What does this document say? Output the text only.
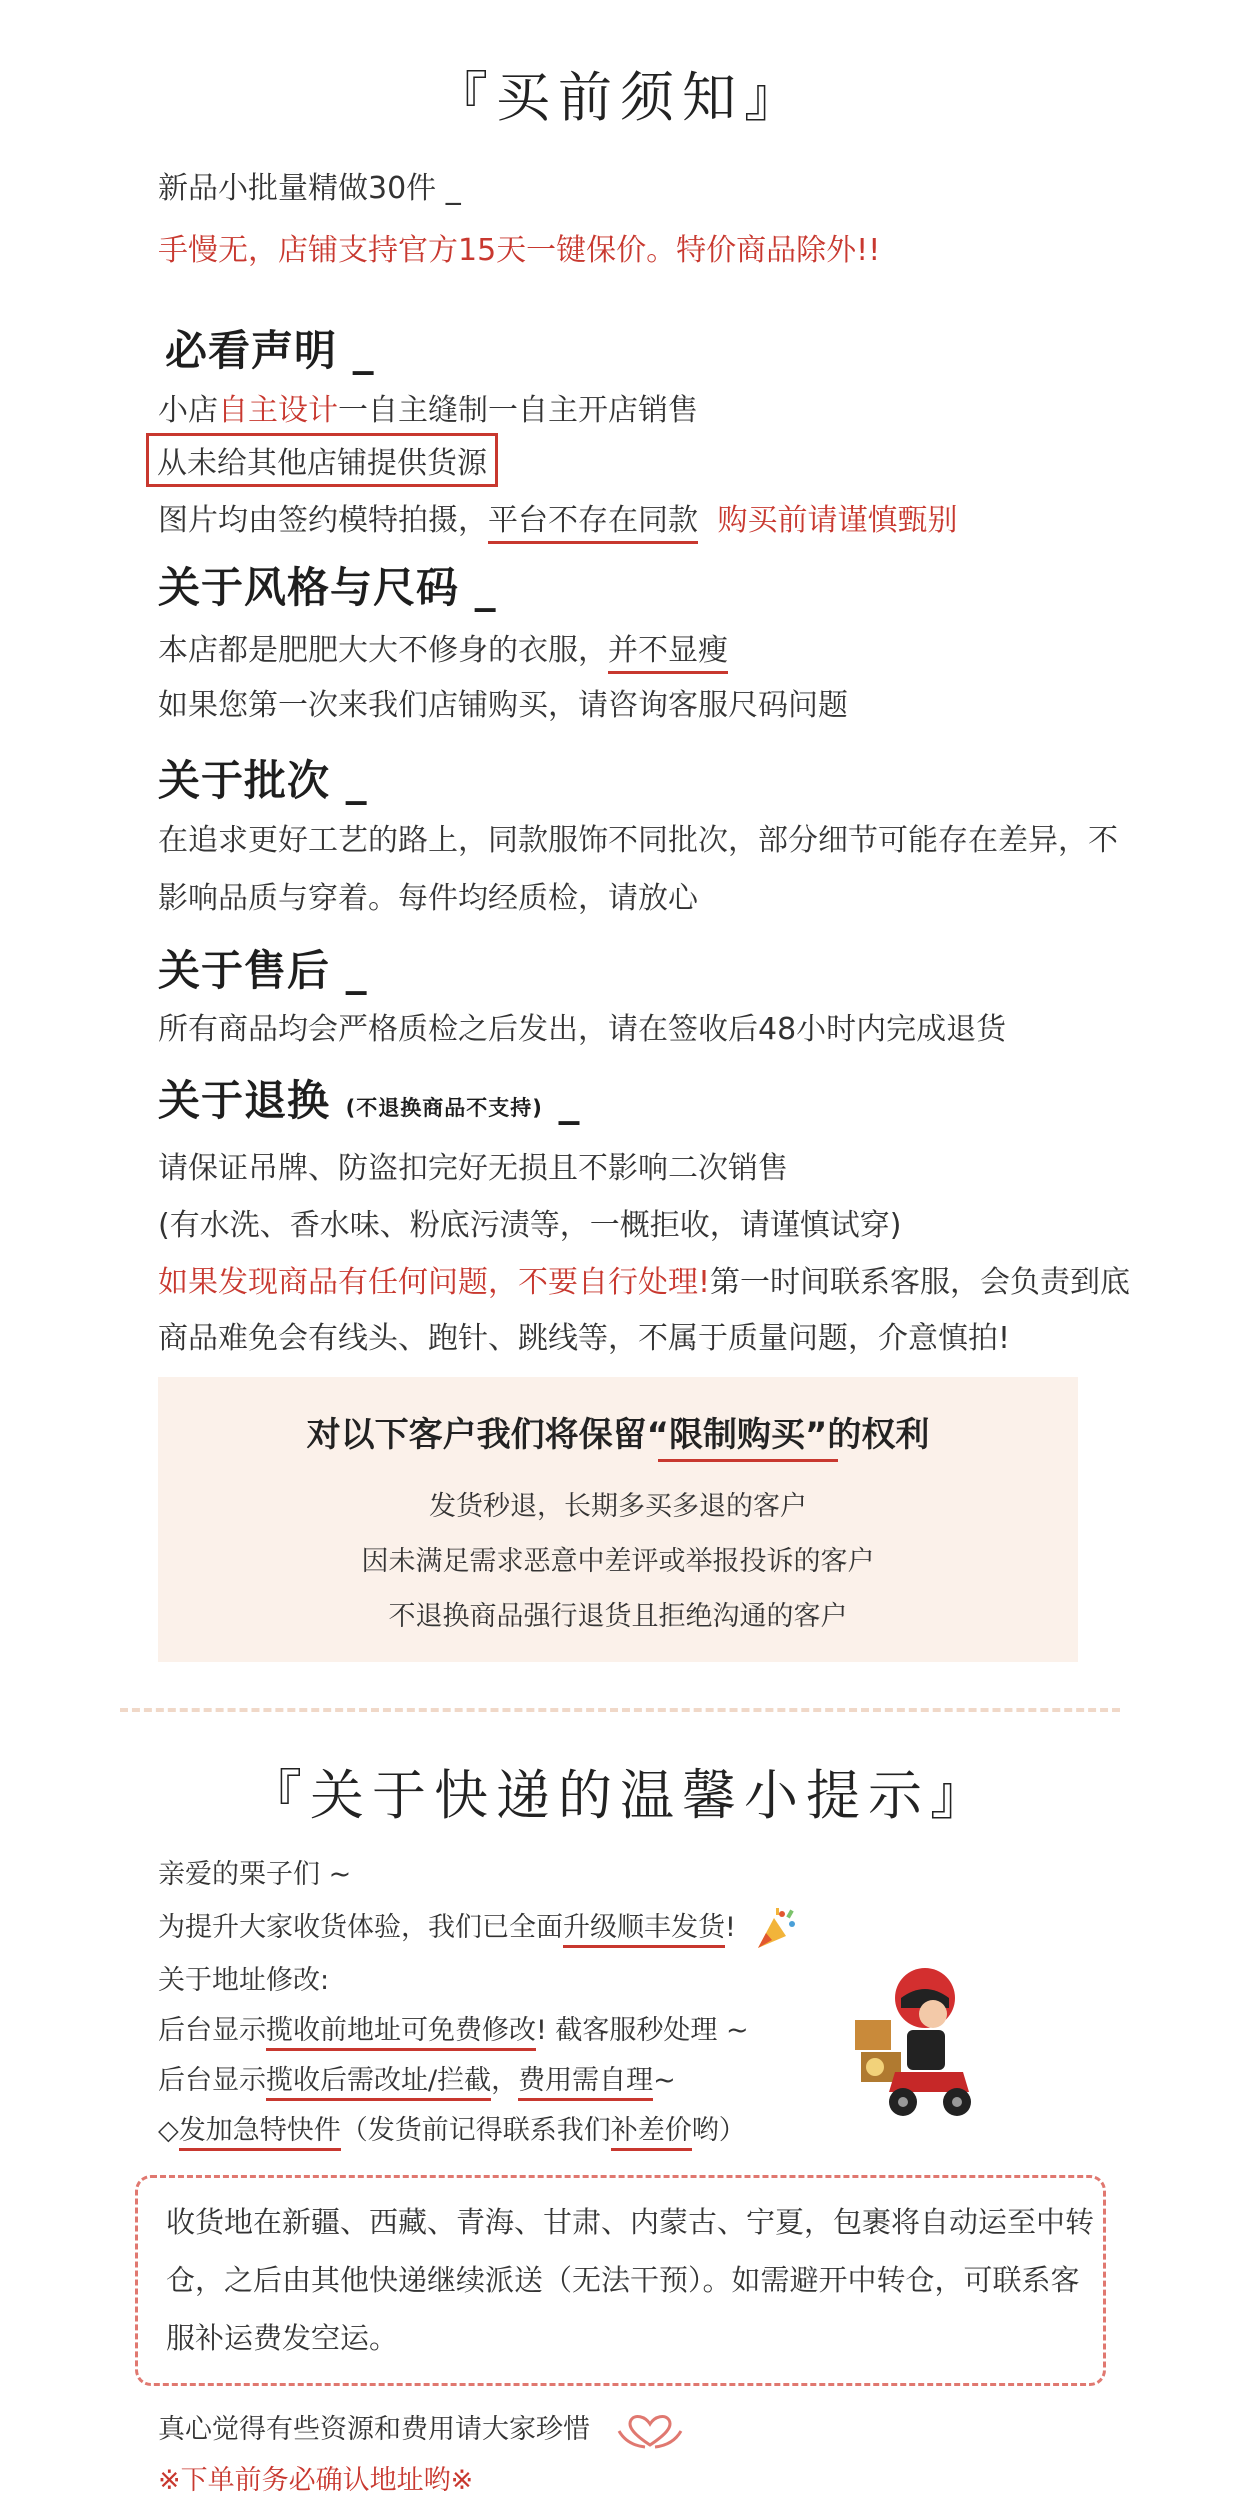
『买前须知』
新品小批量精做30件 _
手慢无，店铺支持官方15天一键保价。特价商品除外!!
必看声明 _
小店自主设计一自主缝制一自主开店销售
从未给其他店铺提供货源
图片均由签约模特拍摄，平台不存在同款 购买前请谨慎甄别
关于风格与尺码 _
本店都是肥肥大大不修身的衣服，并不显瘦
如果您第一次来我们店铺购买，请咨询客服尺码问题
关于批次 _
在追求更好工艺的路上，同款服饰不同批次，部分细节可能存在差异，不
影响品质与穿着。每件均经质检，请放心
关于售后 _
所有商品均会严格质检之后发出，请在签收后48小时内完成退货
关于退换 (不退换商品不支持) _
请保证吊牌、防盗扣完好无损且不影响二次销售
(有水洗、香水味、粉底污渍等，一概拒收，请谨慎试穿)
如果发现商品有任何问题，不要自行处理!第一时间联系客服，会负责到底
商品难免会有线头、跑针、跳线等，不属于质量问题，介意慎拍!
对以下客户我们将保留“限制购买”的权利
发货秒退，长期多买多退的客户
因未满足需求恶意中差评或举报投诉的客户
不退换商品强行退货且拒绝沟通的客户
『关于快递的温馨小提示』
亲爱的栗子们 ~
为提升大家收货体验，我们已全面升级顺丰发货!
关于地址修改:
后台显示揽收前地址可免费修改! 截客服秒处理 ~
后台显示揽收后需改址/拦截，费用需自理~
◇发加急特快件（发货前记得联系我们补差价哟）
收货地在新疆、西藏、青海、甘肃、内蒙古、宁夏，包裹将自动运至中转
仓，之后由其他快递继续派送（无法干预）。如需避开中转仓，可联系客
服补运费发空运。
真心觉得有些资源和费用请大家珍惜
※下单前务必确认地址哟※
